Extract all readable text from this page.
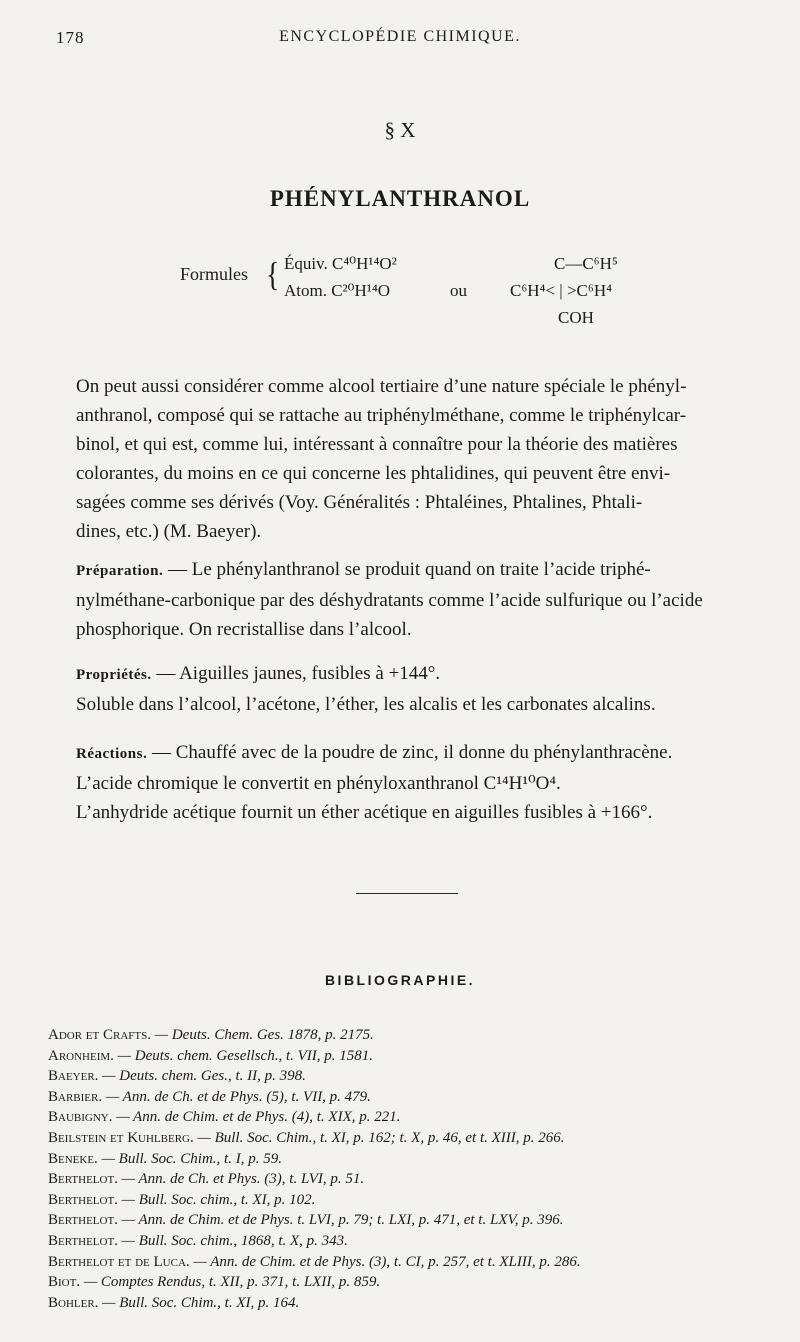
178	ENCYCLOPÉDIE CHIMIQUE.
§ X
PHÉNYLANTHRANOL
Formules { Équiv. C⁴⁰H¹⁴O²
Atom. C²⁰H¹⁴O	ou
C—C⁶H⁵
C⁶H⁴< | >C⁶H⁴
COH
On peut aussi considérer comme alcool tertiaire d’une nature spéciale le phényl-
anthranol, composé qui se rattache au triphénylméthane, comme le triphénylcar-
binol, et qui est, comme lui, intéressant à connaître pour la théorie des matières
colorantes, du moins en ce qui concerne les phtalidines, qui peuvent être envi-
sagées comme ses dérivés (Voy. Généralités : Phtaléines, Phtalines, Phtali-
dines, etc.) (M. Baeyer).
Préparation. — Le phénylanthranol se produit quand on traite l’acide triphé-
nylméthane-carbonique par des déshydratants comme l’acide sulfurique ou l’acide
phosphorique. On recristallise dans l’alcool.
Propriétés. — Aiguilles jaunes, fusibles à +144°.
Soluble dans l’alcool, l’acétone, l’éther, les alcalis et les carbonates alcalins.
Réactions. — Chauffé avec de la poudre de zinc, il donne du phénylanthracène.
L’acide chromique le convertit en phényloxanthranol C¹⁴H¹⁰O⁴.
L’anhydride acétique fournit un éther acétique en aiguilles fusibles à +166°.
BIBLIOGRAPHIE.
Ador et Crafts. — Deuts. Chem. Ges. 1878, p. 2175.
Aronheim. — Deuts. chem. Gesellsch., t. VII, p. 1581.
Baeyer. — Deuts. chem. Ges., t. II, p. 398.
Barbier. — Ann. de Ch. et de Phys. (5), t. VII, p. 479.
Baubigny. — Ann. de Chim. et de Phys. (4), t. XIX, p. 221.
Beilstein et Kuhlberg. — Bull. Soc. Chim., t. XI, p. 162; t. X, p. 46, et t. XIII, p. 266.
Beneke. — Bull. Soc. Chim., t. I, p. 59.
Berthelot. — Ann. de Ch. et Phys. (3), t. LVI, p. 51.
Berthelot. — Bull. Soc. chim., t. XI, p. 102.
Berthelot. — Ann. de Chim. et de Phys. t. LVI, p. 79; t. LXI, p. 471, et t. LXV, p. 396.
Berthelot. — Bull. Soc. chim., 1868, t. X, p. 343.
Berthelot et de Luca. — Ann. de Chim. et de Phys. (3), t. CI, p. 257, et t. XLIII, p. 286.
Biot. — Comptes Rendus, t. XII, p. 371, t. LXII, p. 859.
Bohler. — Bull. Soc. Chim., t. XI, p. 164.
